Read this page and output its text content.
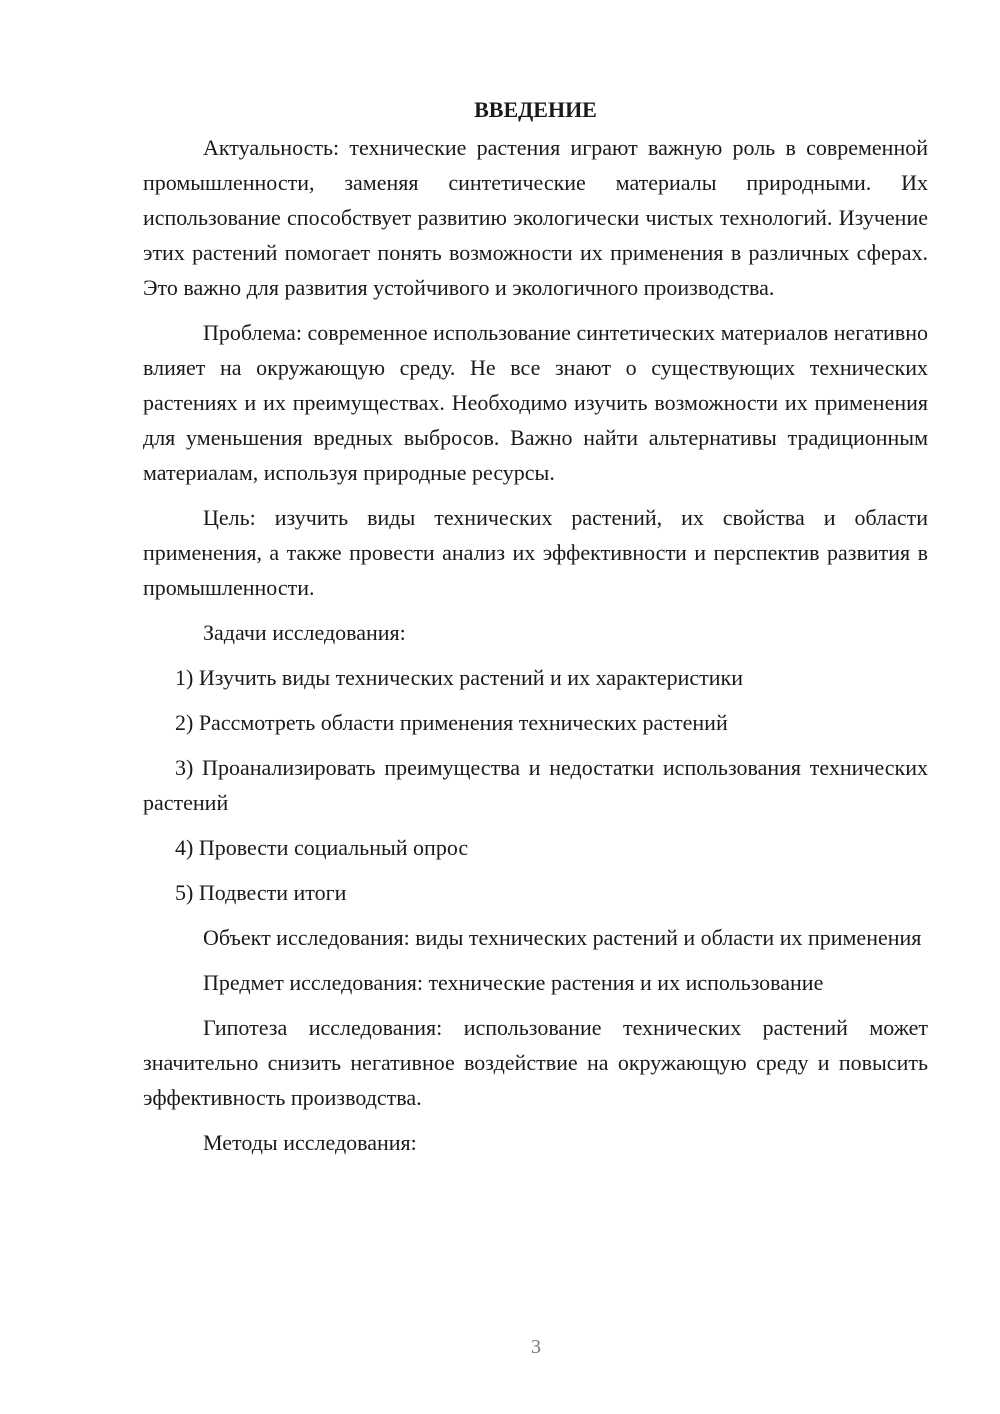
ВВЕДЕНИЕ

Актуальность: технические растения играют важную роль в современной промышленности, заменяя синтетические материалы природными. Их использование способствует развитию экологически чистых технологий. Изучение этих растений помогает понять возможности их применения в различных сферах. Это важно для развития устойчивого и экологичного производства.

Проблема: современное использование синтетических материалов негативно влияет на окружающую среду. Не все знают о существующих технических растениях и их преимуществах. Необходимо изучить возможности их применения для уменьшения вредных выбросов. Важно найти альтернативы традиционным материалам, используя природные ресурсы.

Цель: изучить виды технических растений, их свойства и области применения, а также провести анализ их эффективности и перспектив развития в промышленности.

Задачи исследования:

1) Изучить виды технических растений и их характеристики

2) Рассмотреть области применения технических растений

3) Проанализировать преимущества и недостатки использования технических растений

4) Провести социальный опрос

5) Подвести итоги

Объект исследования: виды технических растений и области их применения

Предмет исследования: технические растения и их использование

Гипотеза исследования: использование технических растений может значительно снизить негативное воздействие на окружающую среду и повысить эффективность производства.

Методы исследования:

3
